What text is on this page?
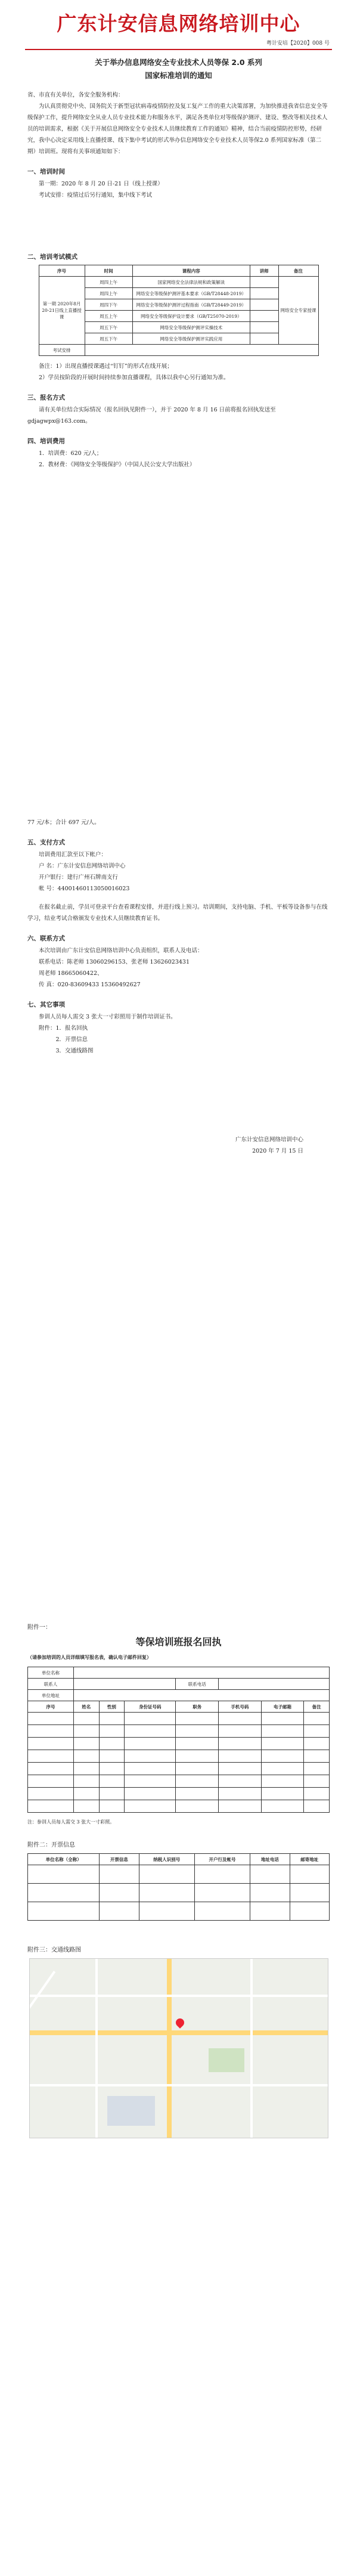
广东计安信息网络培训中心
粤计安培【2020】008 号
关于举办信息网络安全专业技术人员等保 2.0 系列
国家标准培训的通知
省、市直有关单位，各安全服务机构：
为认真贯彻党中央、国务院关于新型冠状病毒疫情防控及复工复产工作的重大决策部署，为加快推进我省信息安全等级保护工作，提升网络安全从业人员专业技术能力和服务水平，满足各类单位对等级保护测评、建设、整改等相关技术人员的培训需求，根据《关于开展信息网络安全专业技术人员继续教育工作的通知》精神，结合当前疫情防控形势，经研究，我中心决定采用线上直播授课、线下集中考试的形式举办信息网络安全专业技术人员等保2.0 系列国家标准（第二期）培训班。现将有关事项通知如下：
一、培训时间
第一期：2020 年 8 月 20 日-21 日（线上授课）
考试安排：疫情过后另行通知，集中线下考试
二、培训考试模式
序号	时间	课程内容	讲师	备注
第一期 2020年8月20-21日线上直播授课	周四上午	国家网络安全法律法规和政策解读		网络安全专家授课
	周四上午	网络安全等级保护测评基本要求（GB/T28448-2019）		
	周四下午	网络安全等级保护测评过程指南（GB/T28449-2019）		
	周五上午	网络安全等级保护设计要求（GB/T25070-2019）		
	周五下午	网络安全等级保护测评实操技术		
	周五下午	网络安全等级保护测评实践应用		
考试安排				
备注：1）出现直播授课遇过“钉钉”的形式在线开展；
2）学员按阶段的开展时间持续参加直播课程，具体以我中心另行通知为准。
三、报名方式
请有关单位结合实际情况（报名回执见附件一），并于 2020 年 8 月 16 日前将报名回执发送至 gdjagwpx@163.com。
四、培训费用
1．培训费：620 元/人；
2．教材费：《网络安全等级保护》（中国人民公安大学出版社）
77 元/本；合计 697 元/人。
五、支付方式
培训费用汇款至以下帐户：
户 名：广东计安信息网络培训中心
开户银行：建行广州石牌南支行
帐 号：44001460113050016023
在报名截止前，学员可登录平台查看课程安排，并进行线上预习。培训期间，支持电脑、手机、平板等设备参与在线学习，结业考试合格颁发专业技术人员继续教育证书。
六、联系方式
本次培训由广东计安信息网络培训中心负责组织，联系人及电话：
联系电话：陈老师 13060296153、张老师 13626023431
周老师 18665060422、
传 真：020-83609433 15360492627
七、其它事项
参训人员每人需交 3 张大一寸彩照用于制作培训证书。
附件：1．报名回执
2．开票信息
3．交通线路图
广东计安信息网络培训中心
2020 年 7 月 15 日
附件一：
等保培训班报名回执
（请参加培训的人员详细填写报名表，确认电子邮件回复）
单位名称							
联系人				联系电话			
单位地址							
序号	姓名	性别	身份证号码	职务	手机号码	电子邮箱	备注

注：参训人员每人需交 3 张大一寸彩照。
附件二：开票信息
单位名称（全称）	开票信息	纳税人识别号	开户行及帐号	地址电话	邮寄地址

附件三：交通线路图
